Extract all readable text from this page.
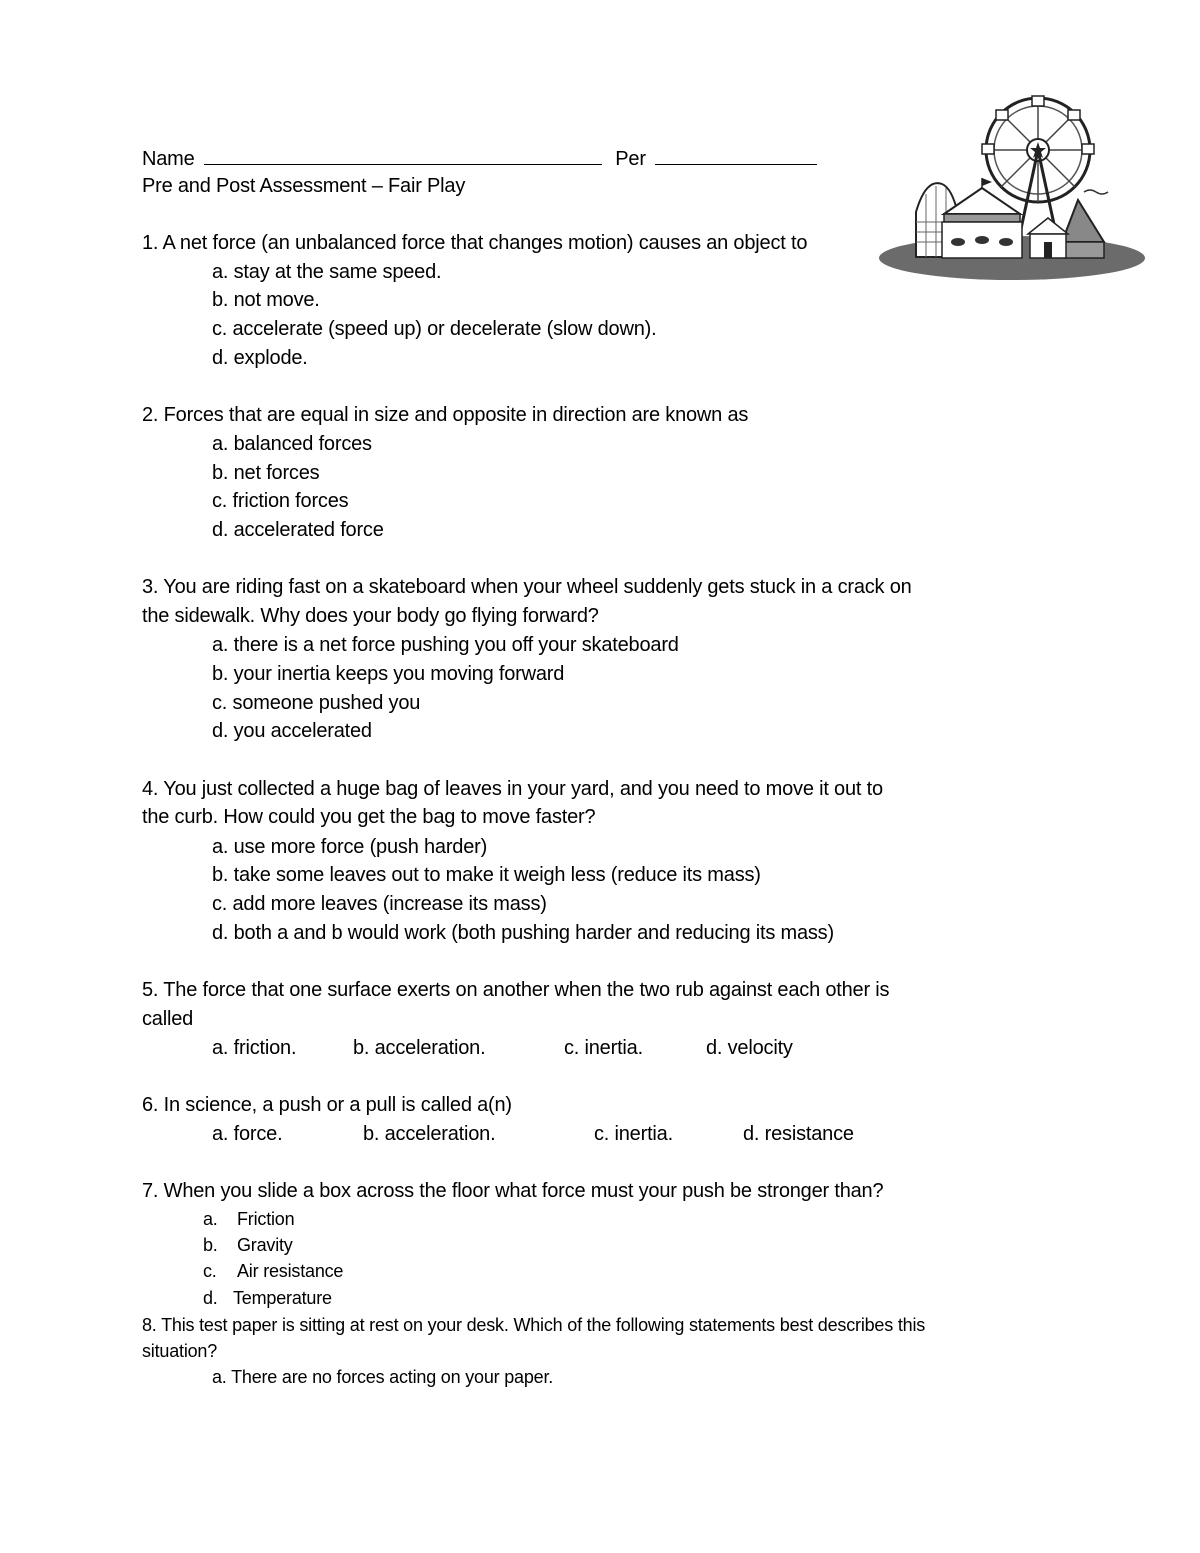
Name	Per
Pre and Post Assessment – Fair Play
1. A net force (an unbalanced force that changes motion) causes an object to
a. stay at the same speed.
b. not move.
c. accelerate (speed up) or decelerate (slow down).
d. explode.
2. Forces that are equal in size and opposite in direction are known as
a. balanced forces
b. net forces
c. friction forces
d. accelerated force
3. You are riding fast on a skateboard when your wheel suddenly gets stuck in a crack on
the sidewalk. Why does your body go flying forward?
a. there is a net force pushing you off your skateboard
b. your inertia keeps you moving forward
c. someone pushed you
d. you accelerated
4. You just collected a huge bag of leaves in your yard, and you need to move it out to
the curb. How could you get the bag to move faster?
a. use more force (push harder)
b. take some leaves out to make it weigh less (reduce its mass)
c. add more leaves (increase its mass)
d. both a and b would work (both pushing harder and reducing its mass)
5. The force that one surface exerts on another when the two rub against each other is
called
a. friction.	b. acceleration.	c. inertia.	d. velocity
6. In science, a push or a pull is called a(n)
a. force.	b. acceleration.	c. inertia.	d. resistance
7. When you slide a box across the floor what force must your push be stronger than?
a. Friction
b. Gravity
c. Air resistance
d. Temperature
8. This test paper is sitting at rest on your desk. Which of the following statements best describes this
situation?
a. There are no forces acting on your paper.
